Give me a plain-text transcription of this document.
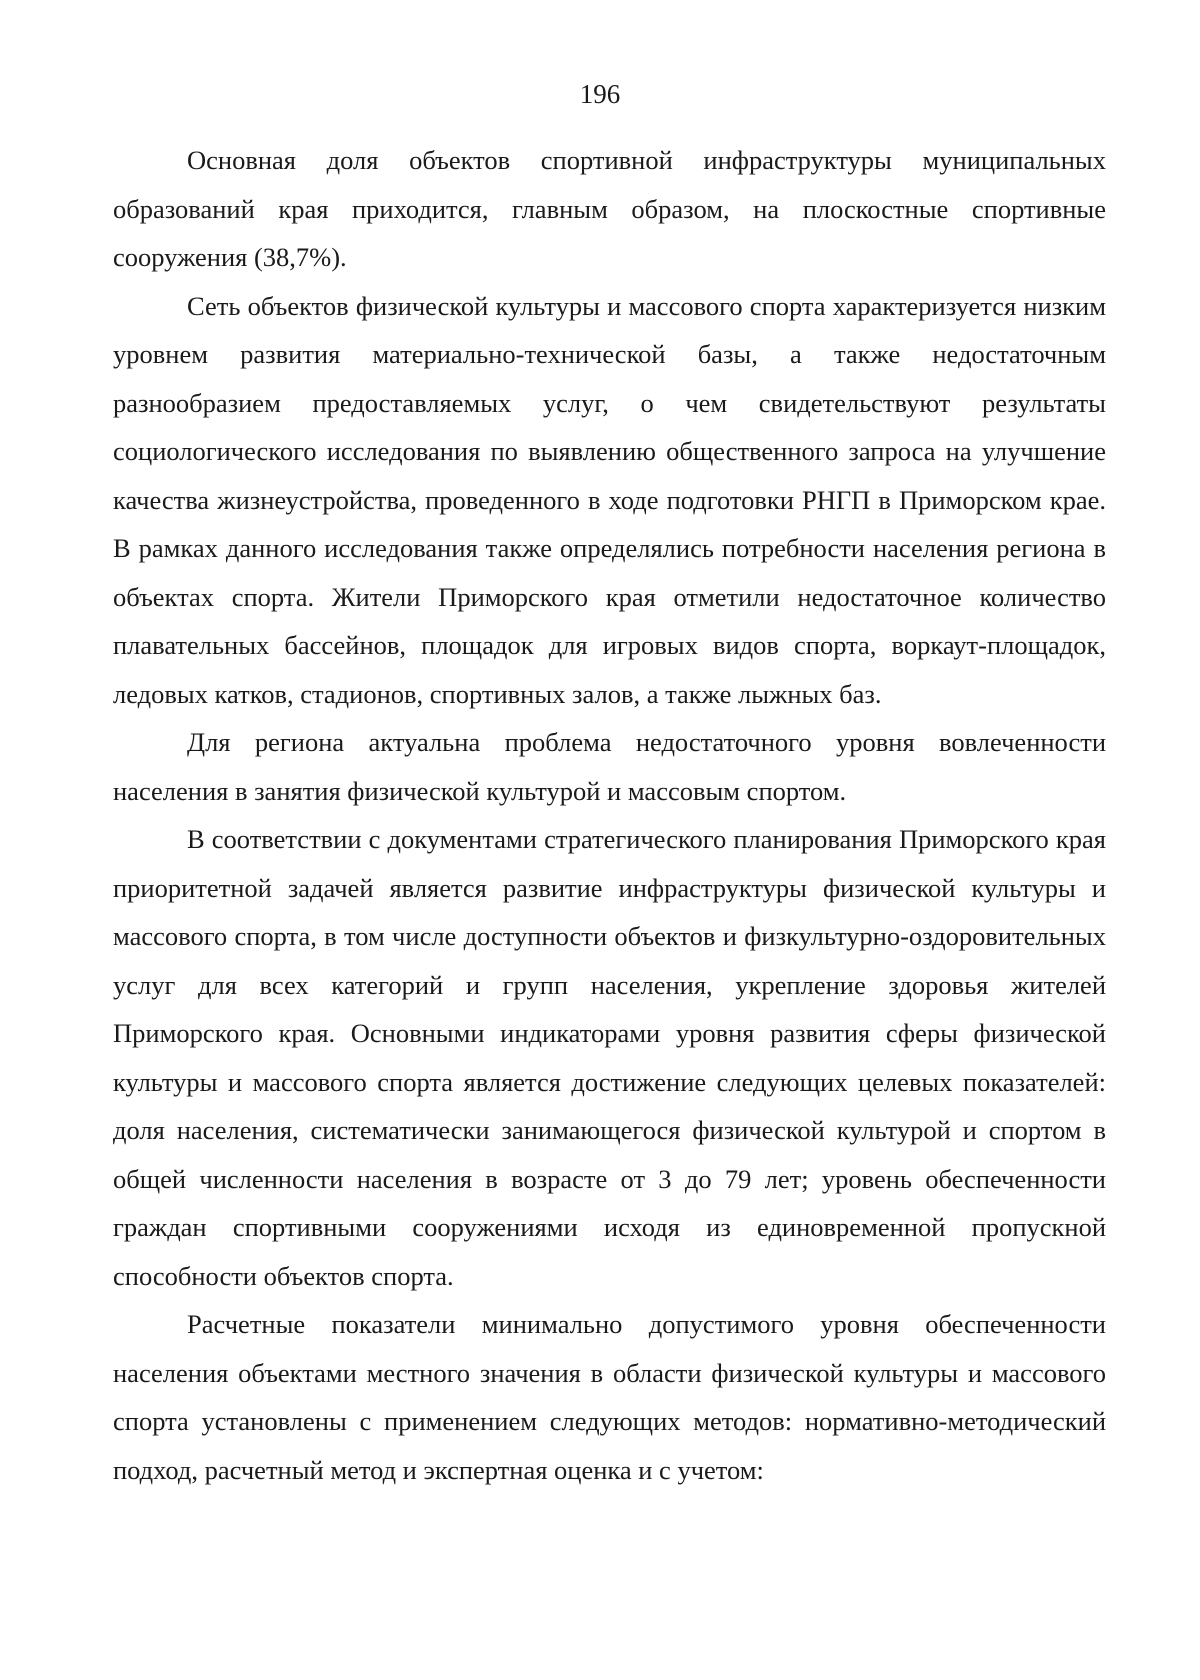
196

Основная доля объектов спортивной инфраструктуры муниципальных образований края приходится, главным образом, на плоскостные спортивные сооружения (38,7%).

Сеть объектов физической культуры и массового спорта характеризуется низким уровнем развития материально-технической базы, а также недостаточным разнообразием предоставляемых услуг, о чем свидетельствуют результаты социологического исследования по выявлению общественного запроса на улучшение качества жизнеустройства, проведенного в ходе подготовки РНГП в Приморском крае. В рамках данного исследования также определялись потребности населения региона в объектах спорта. Жители Приморского края отметили недостаточное количество плавательных бассейнов, площадок для игровых видов спорта, воркаут-площадок, ледовых катков, стадионов, спортивных залов, а также лыжных баз.

Для региона актуальна проблема недостаточного уровня вовлеченности населения в занятия физической культурой и массовым спортом.

В соответствии с документами стратегического планирования Приморского края приоритетной задачей является развитие инфраструктуры физической культуры и массового спорта, в том числе доступности объектов и физкультурно-оздоровительных услуг для всех категорий и групп населения, укрепление здоровья жителей Приморского края. Основными индикаторами уровня развития сферы физической культуры и массового спорта является достижение следующих целевых показателей: доля населения, систематически занимающегося физической культурой и спортом в общей численности населения в возрасте от 3 до 79 лет; уровень обеспеченности граждан спортивными сооружениями исходя из единовременной пропускной способности объектов спорта.

Расчетные показатели минимально допустимого уровня обеспеченности населения объектами местного значения в области физической культуры и массового спорта установлены с применением следующих методов: нормативно-методический подход, расчетный метод и экспертная оценка и с учетом:
